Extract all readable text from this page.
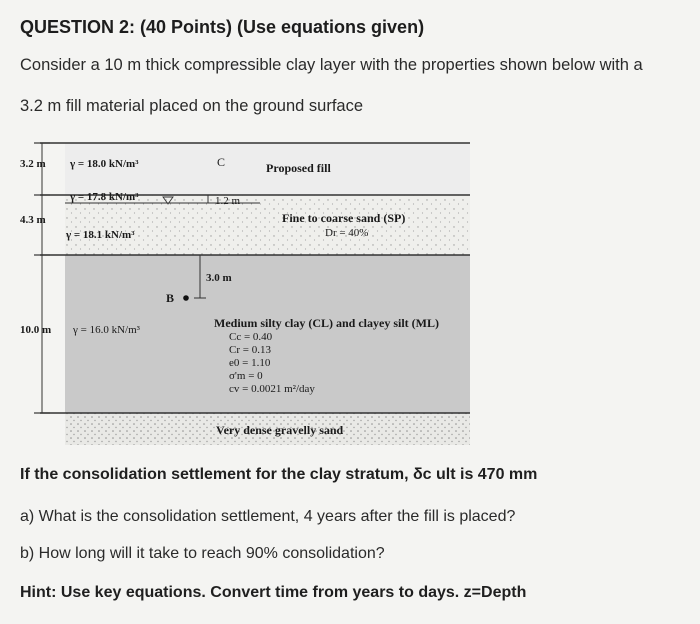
QUESTION 2: (40 Points) (Use equations given)
Consider a 10 m thick compressible clay layer with the properties shown below with a
3.2 m fill material placed on the ground surface
3.2 m γ = 18.0 kN/m³	C	Proposed fill
γ = 17.8 kN/m³	1.2 m
4.3 m
γ = 18.1 kN/m³
Fine to coarse sand (SP)
Dr = 40%
3.0 m
B
10.0 m γ = 16.0 kN/m³	Medium silty clay (CL) and clayey silt (ML)
Cc = 0.40
Cr = 0.13
e0 = 1.10
σ'm = 0
cv = 0.0021 m²/day
Very dense gravelly sand
If the consolidation settlement for the clay stratum, δc ult is 470 mm
a) What is the consolidation settlement, 4 years after the fill is placed?
b) How long will it take to reach 90% consolidation?
Hint: Use key equations. Convert time from years to days. z=Depth
